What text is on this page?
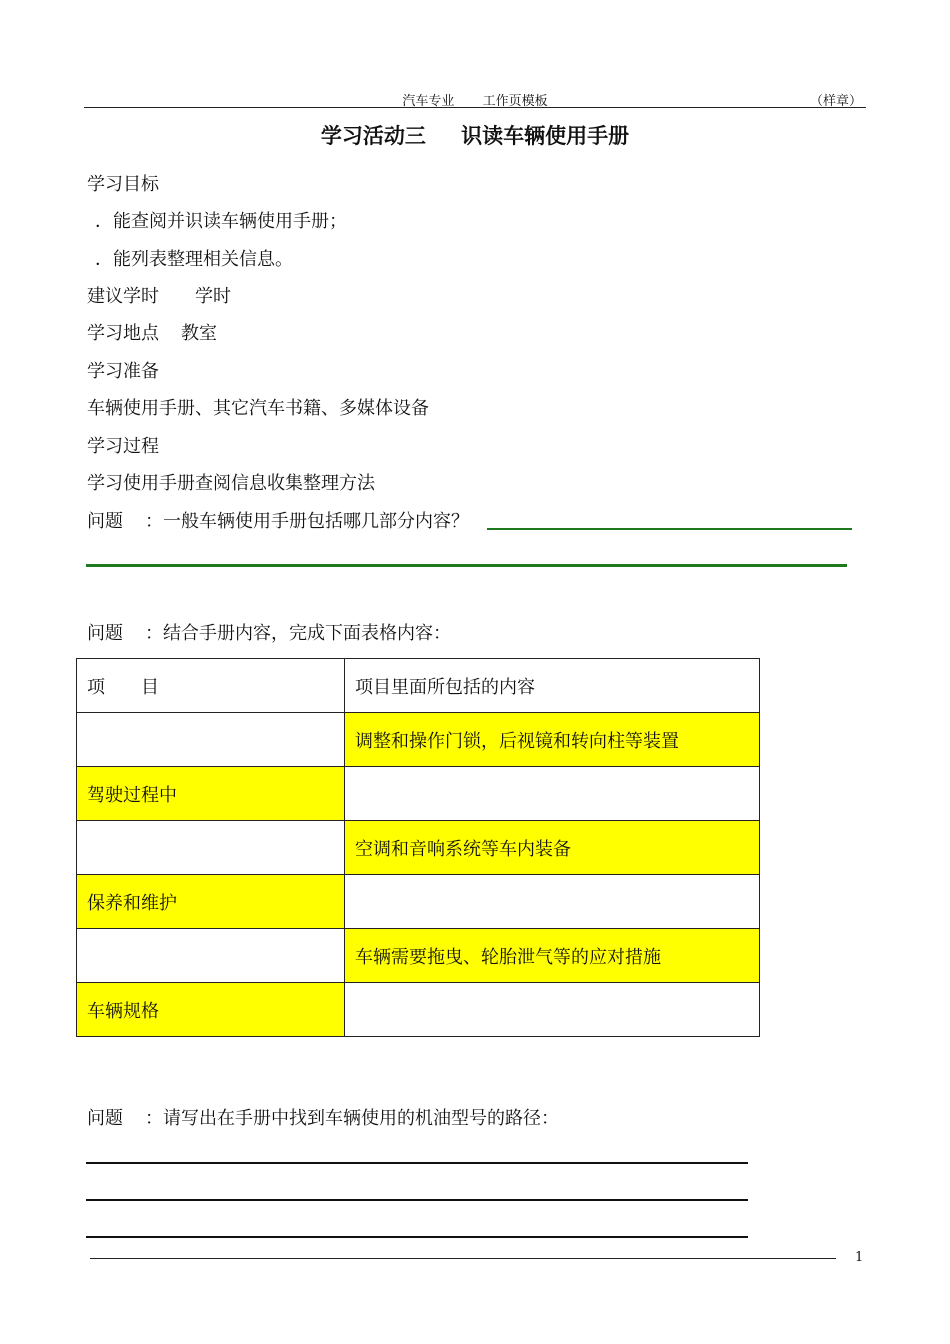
汽车专业 工作页模板	（样章）
学习活动三 识读车辆使用手册
学习目标
．能查阅并识读车辆使用手册；
．能列表整理相关信息。
建议学时 学时
学习地点 教室
学习准备
车辆使用手册、其它汽车书籍、多媒体设备
学习过程
学习使用手册查阅信息收集整理方法
问题 ：一般车辆使用手册包括哪几部分内容？
问题 ：结合手册内容，完成下面表格内容：
项　　目	项目里面所包括的内容
	调整和操作门锁，后视镜和转向柱等装置
驾驶过程中	
	空调和音响系统等车内装备
保养和维护	
	车辆需要拖曳、轮胎泄气等的应对措施
车辆规格	
问题 ：请写出在手册中找到车辆使用的机油型号的路径：
1
